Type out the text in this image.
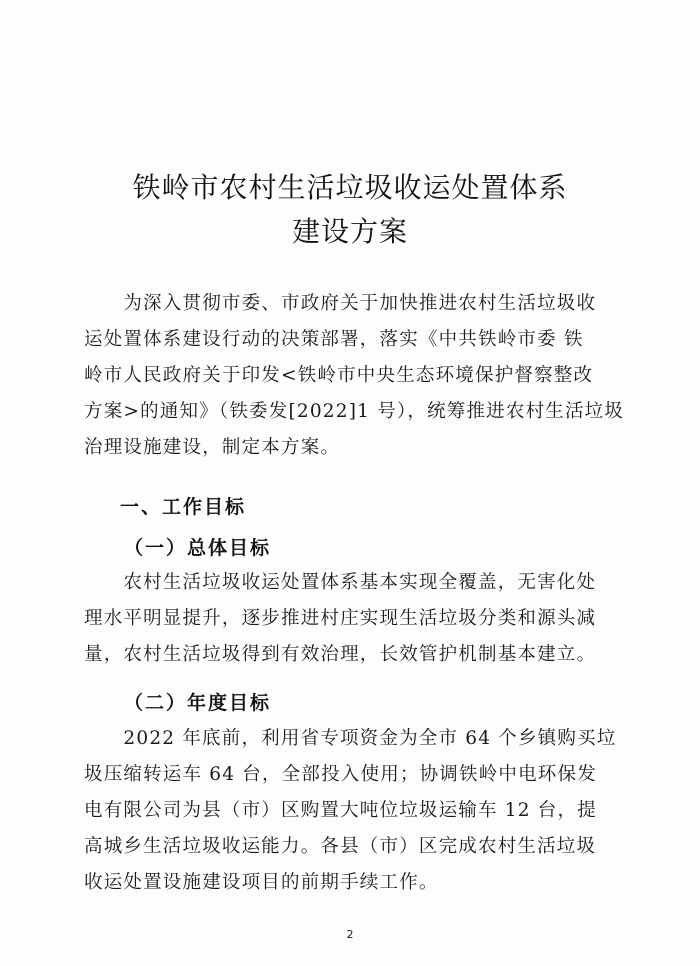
铁岭市农村生活垃圾收运处置体系
建设方案
　　为深入贯彻市委、市政府关于加快推进农村生活垃圾收
运处置体系建设行动的决策部署，落实《中共铁岭市委 铁
岭市人民政府关于印发<铁岭市中央生态环境保护督察整改
方案>的通知》（铁委发[2022]1 号），统筹推进农村生活垃圾
治理设施建设，制定本方案。
一、工作目标
（一）总体目标
　　农村生活垃圾收运处置体系基本实现全覆盖，无害化处
理水平明显提升，逐步推进村庄实现生活垃圾分类和源头减
量，农村生活垃圾得到有效治理，长效管护机制基本建立。
（二）年度目标
　　2022 年底前，利用省专项资金为全市 64 个乡镇购买垃
圾压缩转运车 64 台，全部投入使用；协调铁岭中电环保发
电有限公司为县（市）区购置大吨位垃圾运输车 12 台，提
高城乡生活垃圾收运能力。各县（市）区完成农村生活垃圾
收运处置设施建设项目的前期手续工作。
2
